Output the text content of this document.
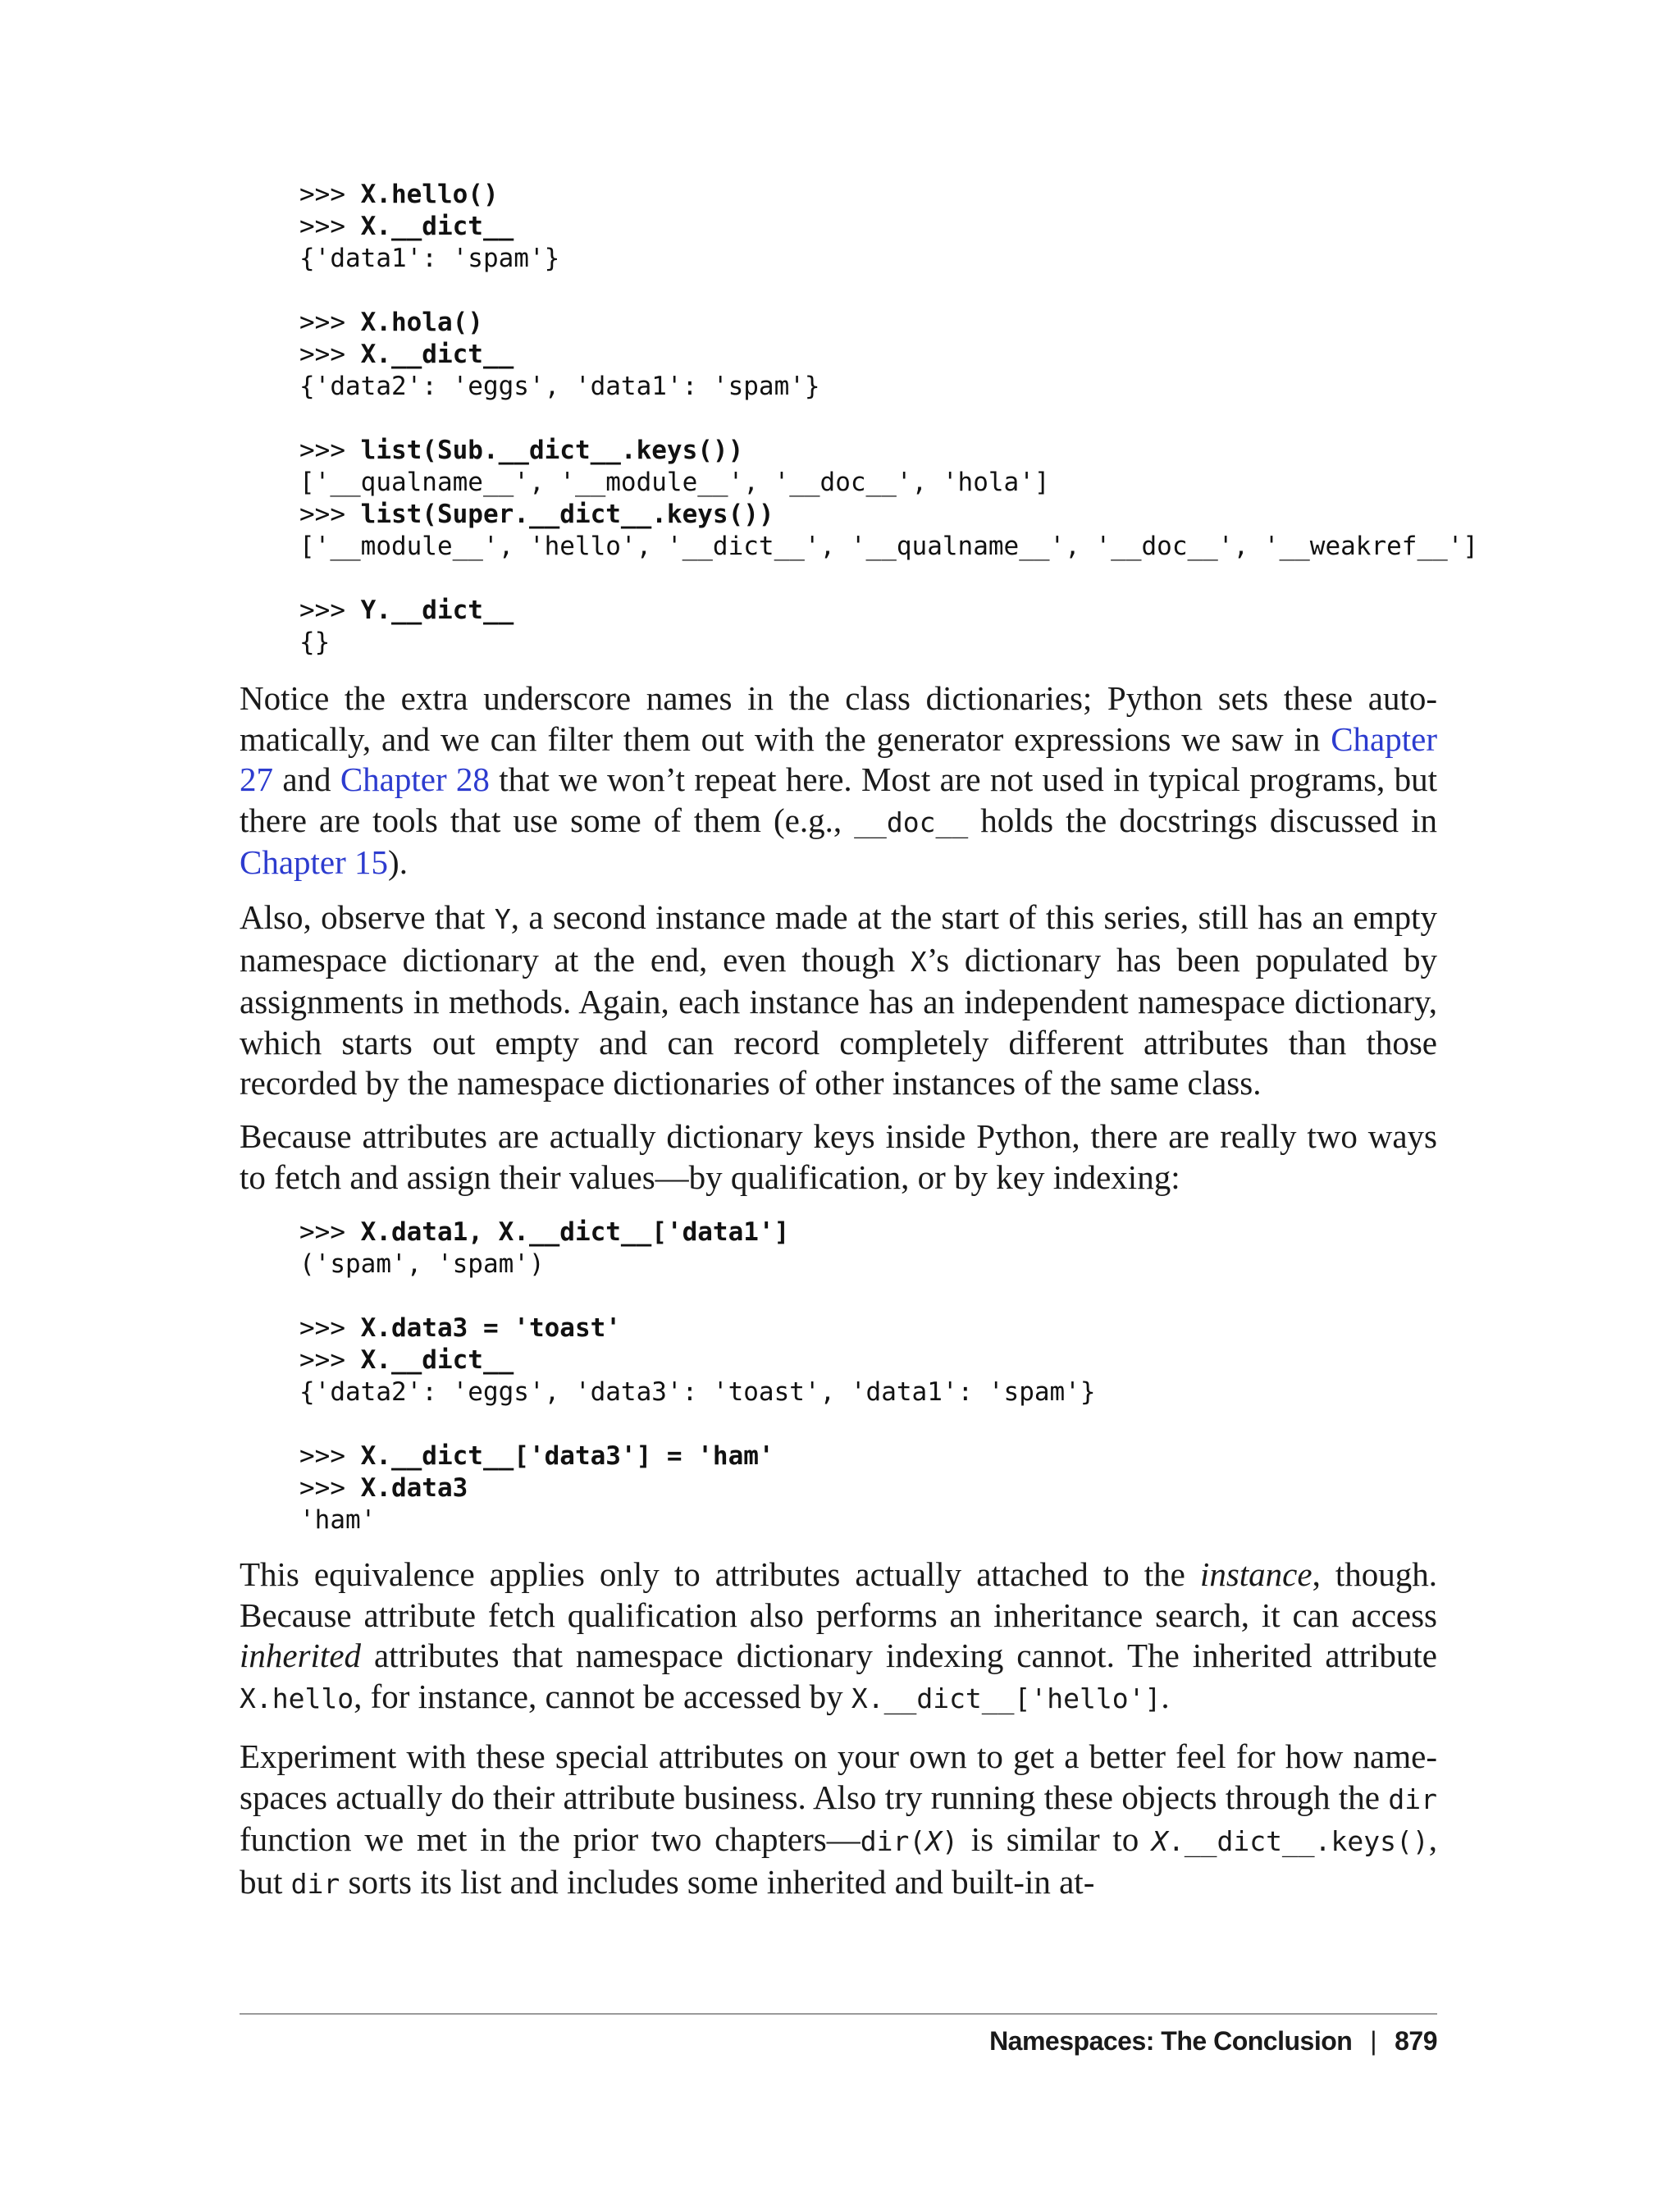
>>> X.hello()
>>> X.__dict__
{'data1': 'spam'}

>>> X.hola()
>>> X.__dict__
{'data2': 'eggs', 'data1': 'spam'}

>>> list(Sub.__dict__.keys())
['__qualname__', '__module__', '__doc__', 'hola']
>>> list(Super.__dict__.keys())
['__module__', 'hello', '__dict__', '__qualname__', '__doc__', '__weakref__']

>>> Y.__dict__
{}

Notice the extra underscore names in the class dictionaries; Python sets these automatically, and we can filter them out with the generator expressions we saw in Chapter 27 and Chapter 28 that we won’t repeat here. Most are not used in typical programs, but there are tools that use some of them (e.g., __doc__ holds the docstrings discussed in Chapter 15).

Also, observe that Y, a second instance made at the start of this series, still has an empty namespace dictionary at the end, even though X’s dictionary has been populated by assignments in methods. Again, each instance has an independent namespace dictionary, which starts out empty and can record completely different attributes than those recorded by the namespace dictionaries of other instances of the same class.

Because attributes are actually dictionary keys inside Python, there are really two ways to fetch and assign their values—by qualification, or by key indexing:

>>> X.data1, X.__dict__['data1']
('spam', 'spam')

>>> X.data3 = 'toast'
>>> X.__dict__
{'data2': 'eggs', 'data3': 'toast', 'data1': 'spam'}

>>> X.__dict__['data3'] = 'ham'
>>> X.data3
'ham'

This equivalence applies only to attributes actually attached to the instance, though. Because attribute fetch qualification also performs an inheritance search, it can access inherited attributes that namespace dictionary indexing cannot. The inherited attribute X.hello, for instance, cannot be accessed by X.__dict__['hello'].

Experiment with these special attributes on your own to get a better feel for how namespaces actually do their attribute business. Also try running these objects through the dir function we met in the prior two chapters—dir(X) is similar to X.__dict__.keys(), but dir sorts its list and includes some inherited and built-in at-

Namespaces: The Conclusion | 879
